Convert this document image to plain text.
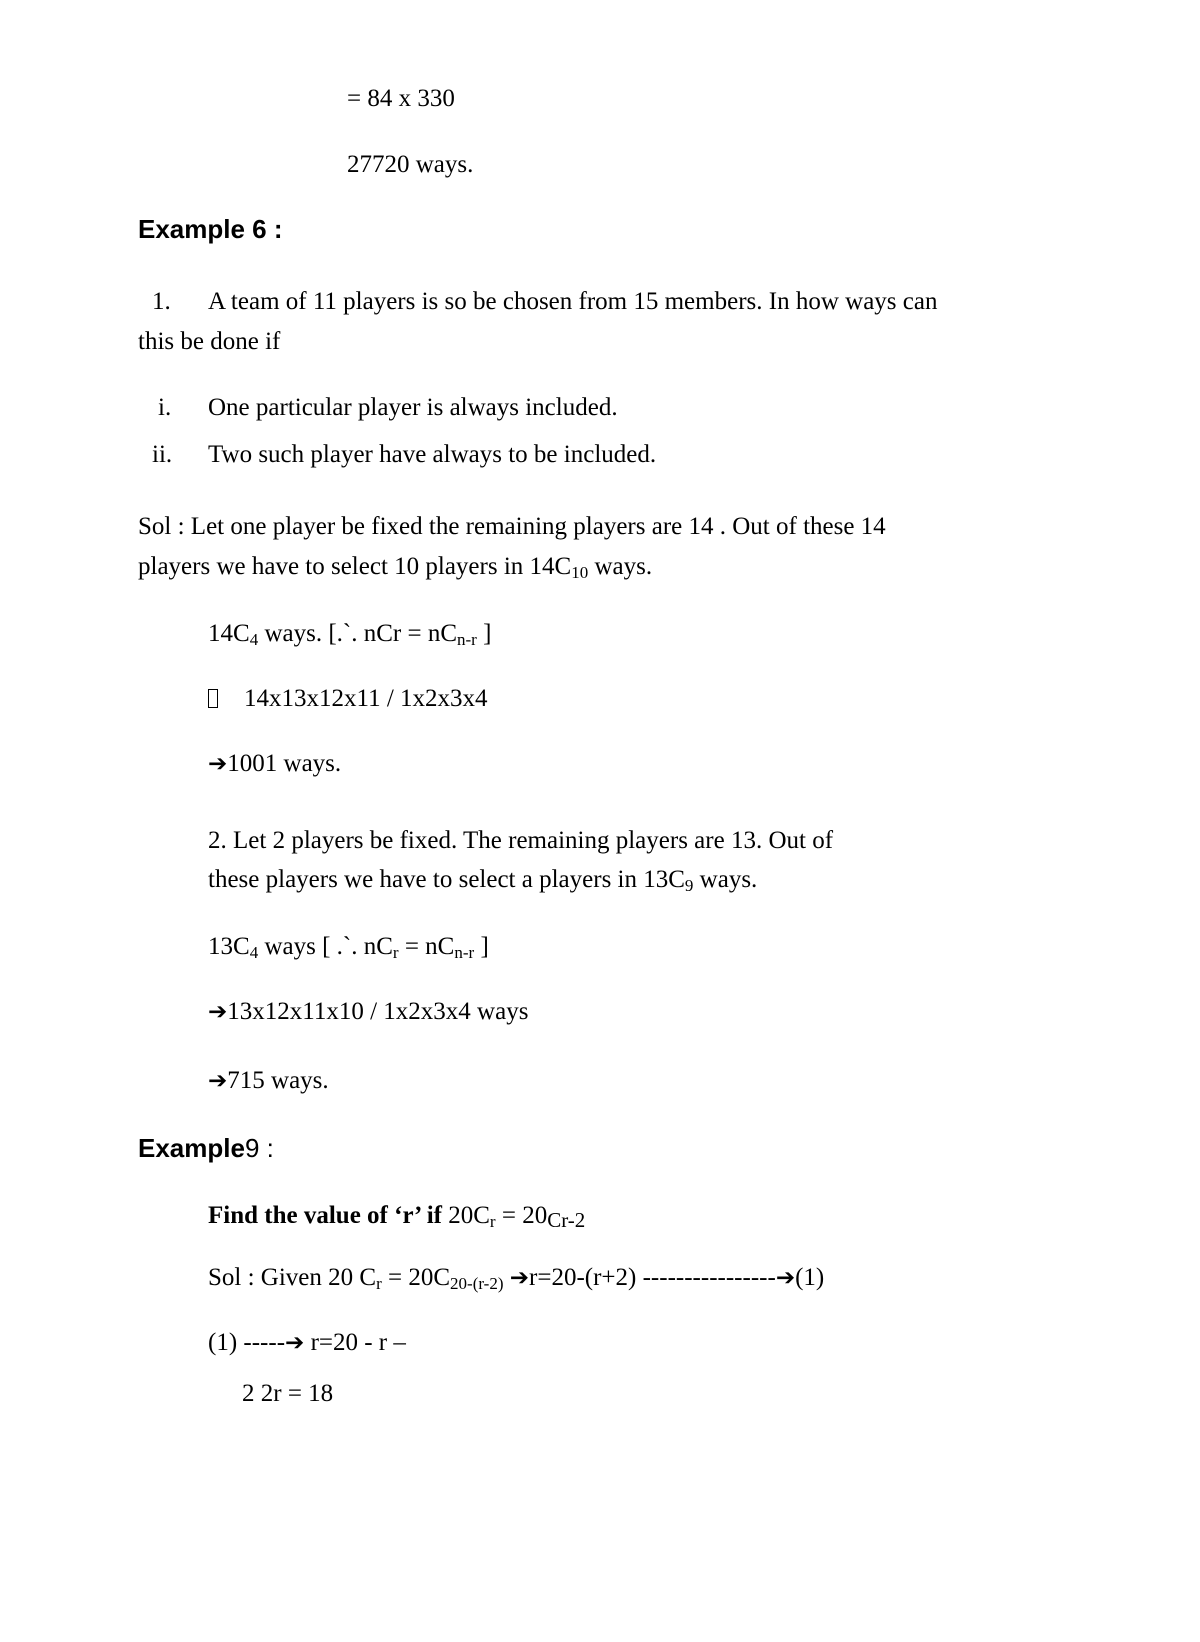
= 84 x 330

27720 ways.

Example 6 :

1. A team of 11 players is so be chosen from 15 members. In how ways can

this be done if

i. One particular player is always included.

ii. Two such player have always to be included.

Sol : Let one player be fixed the remaining players are 14 . Out of these 14

players we have to select 10 players in $14C_{10}$ ways.

$14C_4$ ways. [.`. nCr = $nC_{n-r}$ ]

14x13x12x11 / 1x2x3x4

➔1001 ways.

2. Let 2 players be fixed. The remaining players are 13. Out of

these players we have to select a players in $13C_9$ ways.

$13C_4$ ways [ .`. $nC_r = nC_{n-r}$ ]

➔13x12x11x10 / 1x2x3x4 ways

➔715 ways.

Example9 :

Find the value of ‘r’ if $20C_r = 20_{Cr-2}$

Sol : Given 20 $C_r = 20C_{20-(r-2)}$ ➔r=20-(r+2) ----------------➔(1)

(1) -----➔ r=20 - r –

2 2r = 18
